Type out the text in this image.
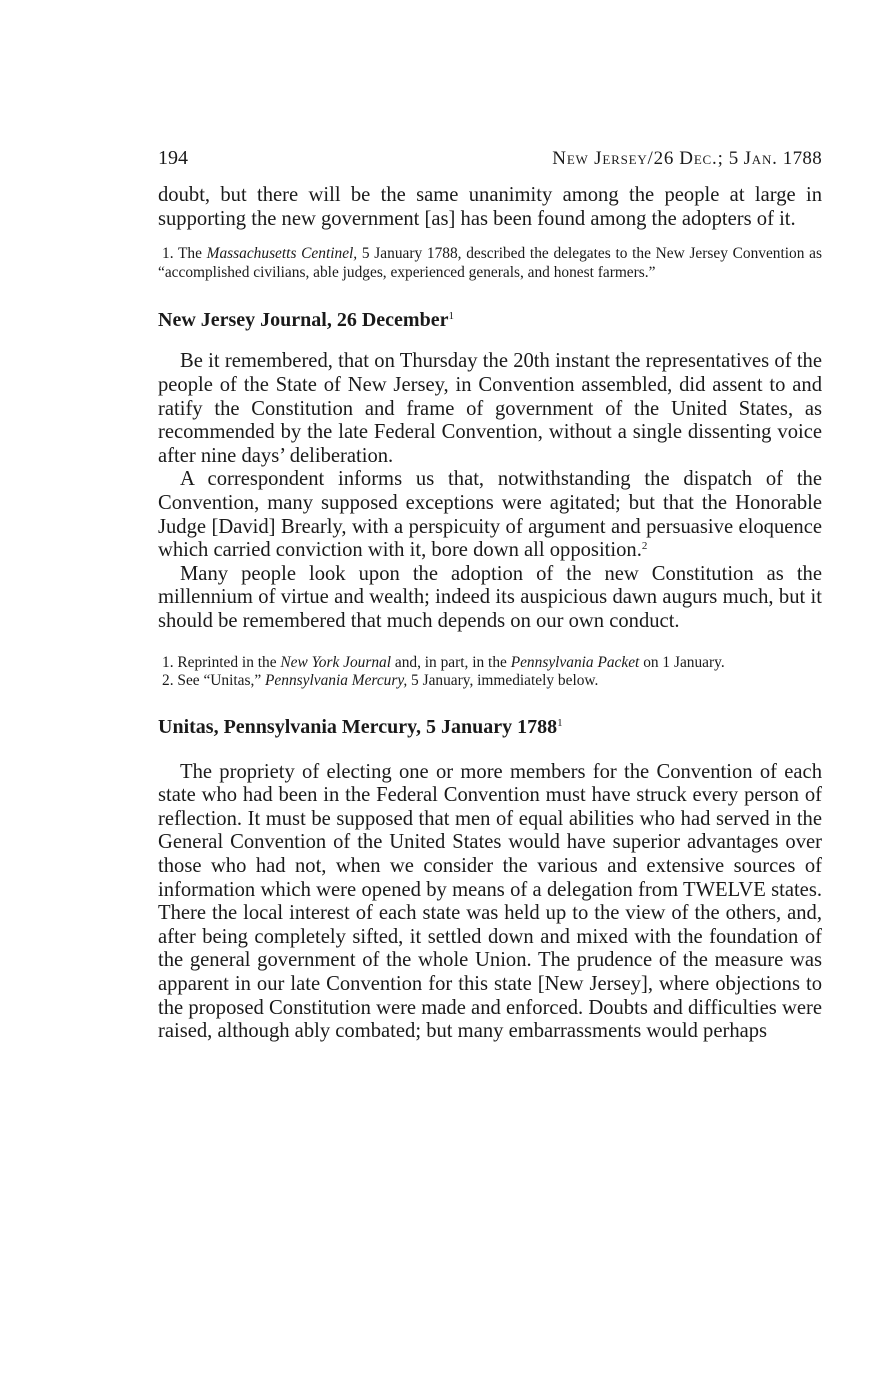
194	New Jersey/26 Dec.; 5 Jan. 1788

doubt, but there will be the same unanimity among the people at large in supporting the new government [as] has been found among the adopters of it.

1. The Massachusetts Centinel, 5 January 1788, described the delegates to the New Jersey Convention as “accomplished civilians, able judges, experienced generals, and honest farmers.”

New Jersey Journal, 26 December$^1$

Be it remembered, that on Thursday the 20th instant the representatives of the people of the State of New Jersey, in Convention assembled, did assent to and ratify the Constitution and frame of government of the United States, as recommended by the late Federal Convention, without a single dissenting voice after nine days’ deliberation.

A correspondent informs us that, notwithstanding the dispatch of the Convention, many supposed exceptions were agitated; but that the Honorable Judge [David] Brearly, with a perspicuity of argument and persuasive eloquence which carried conviction with it, bore down all opposition.$^2$

Many people look upon the adoption of the new Constitution as the millennium of virtue and wealth; indeed its auspicious dawn augurs much, but it should be remembered that much depends on our own conduct.

1. Reprinted in the New York Journal and, in part, in the Pennsylvania Packet on 1 January.

2. See “Unitas,” Pennsylvania Mercury, 5 January, immediately below.

Unitas, Pennsylvania Mercury, 5 January 1788$^1$

The propriety of electing one or more members for the Convention of each state who had been in the Federal Convention must have struck every person of reflection. It must be supposed that men of equal abilities who had served in the General Convention of the United States would have superior advantages over those who had not, when we consider the various and extensive sources of information which were opened by means of a delegation from TWELVE states. There the local interest of each state was held up to the view of the others, and, after being completely sifted, it settled down and mixed with the foundation of the general government of the whole Union. The prudence of the measure was apparent in our late Convention for this state [New Jersey], where objections to the proposed Constitution were made and enforced. Doubts and difficulties were raised, although ably combated; but many embarrassments would perhaps
